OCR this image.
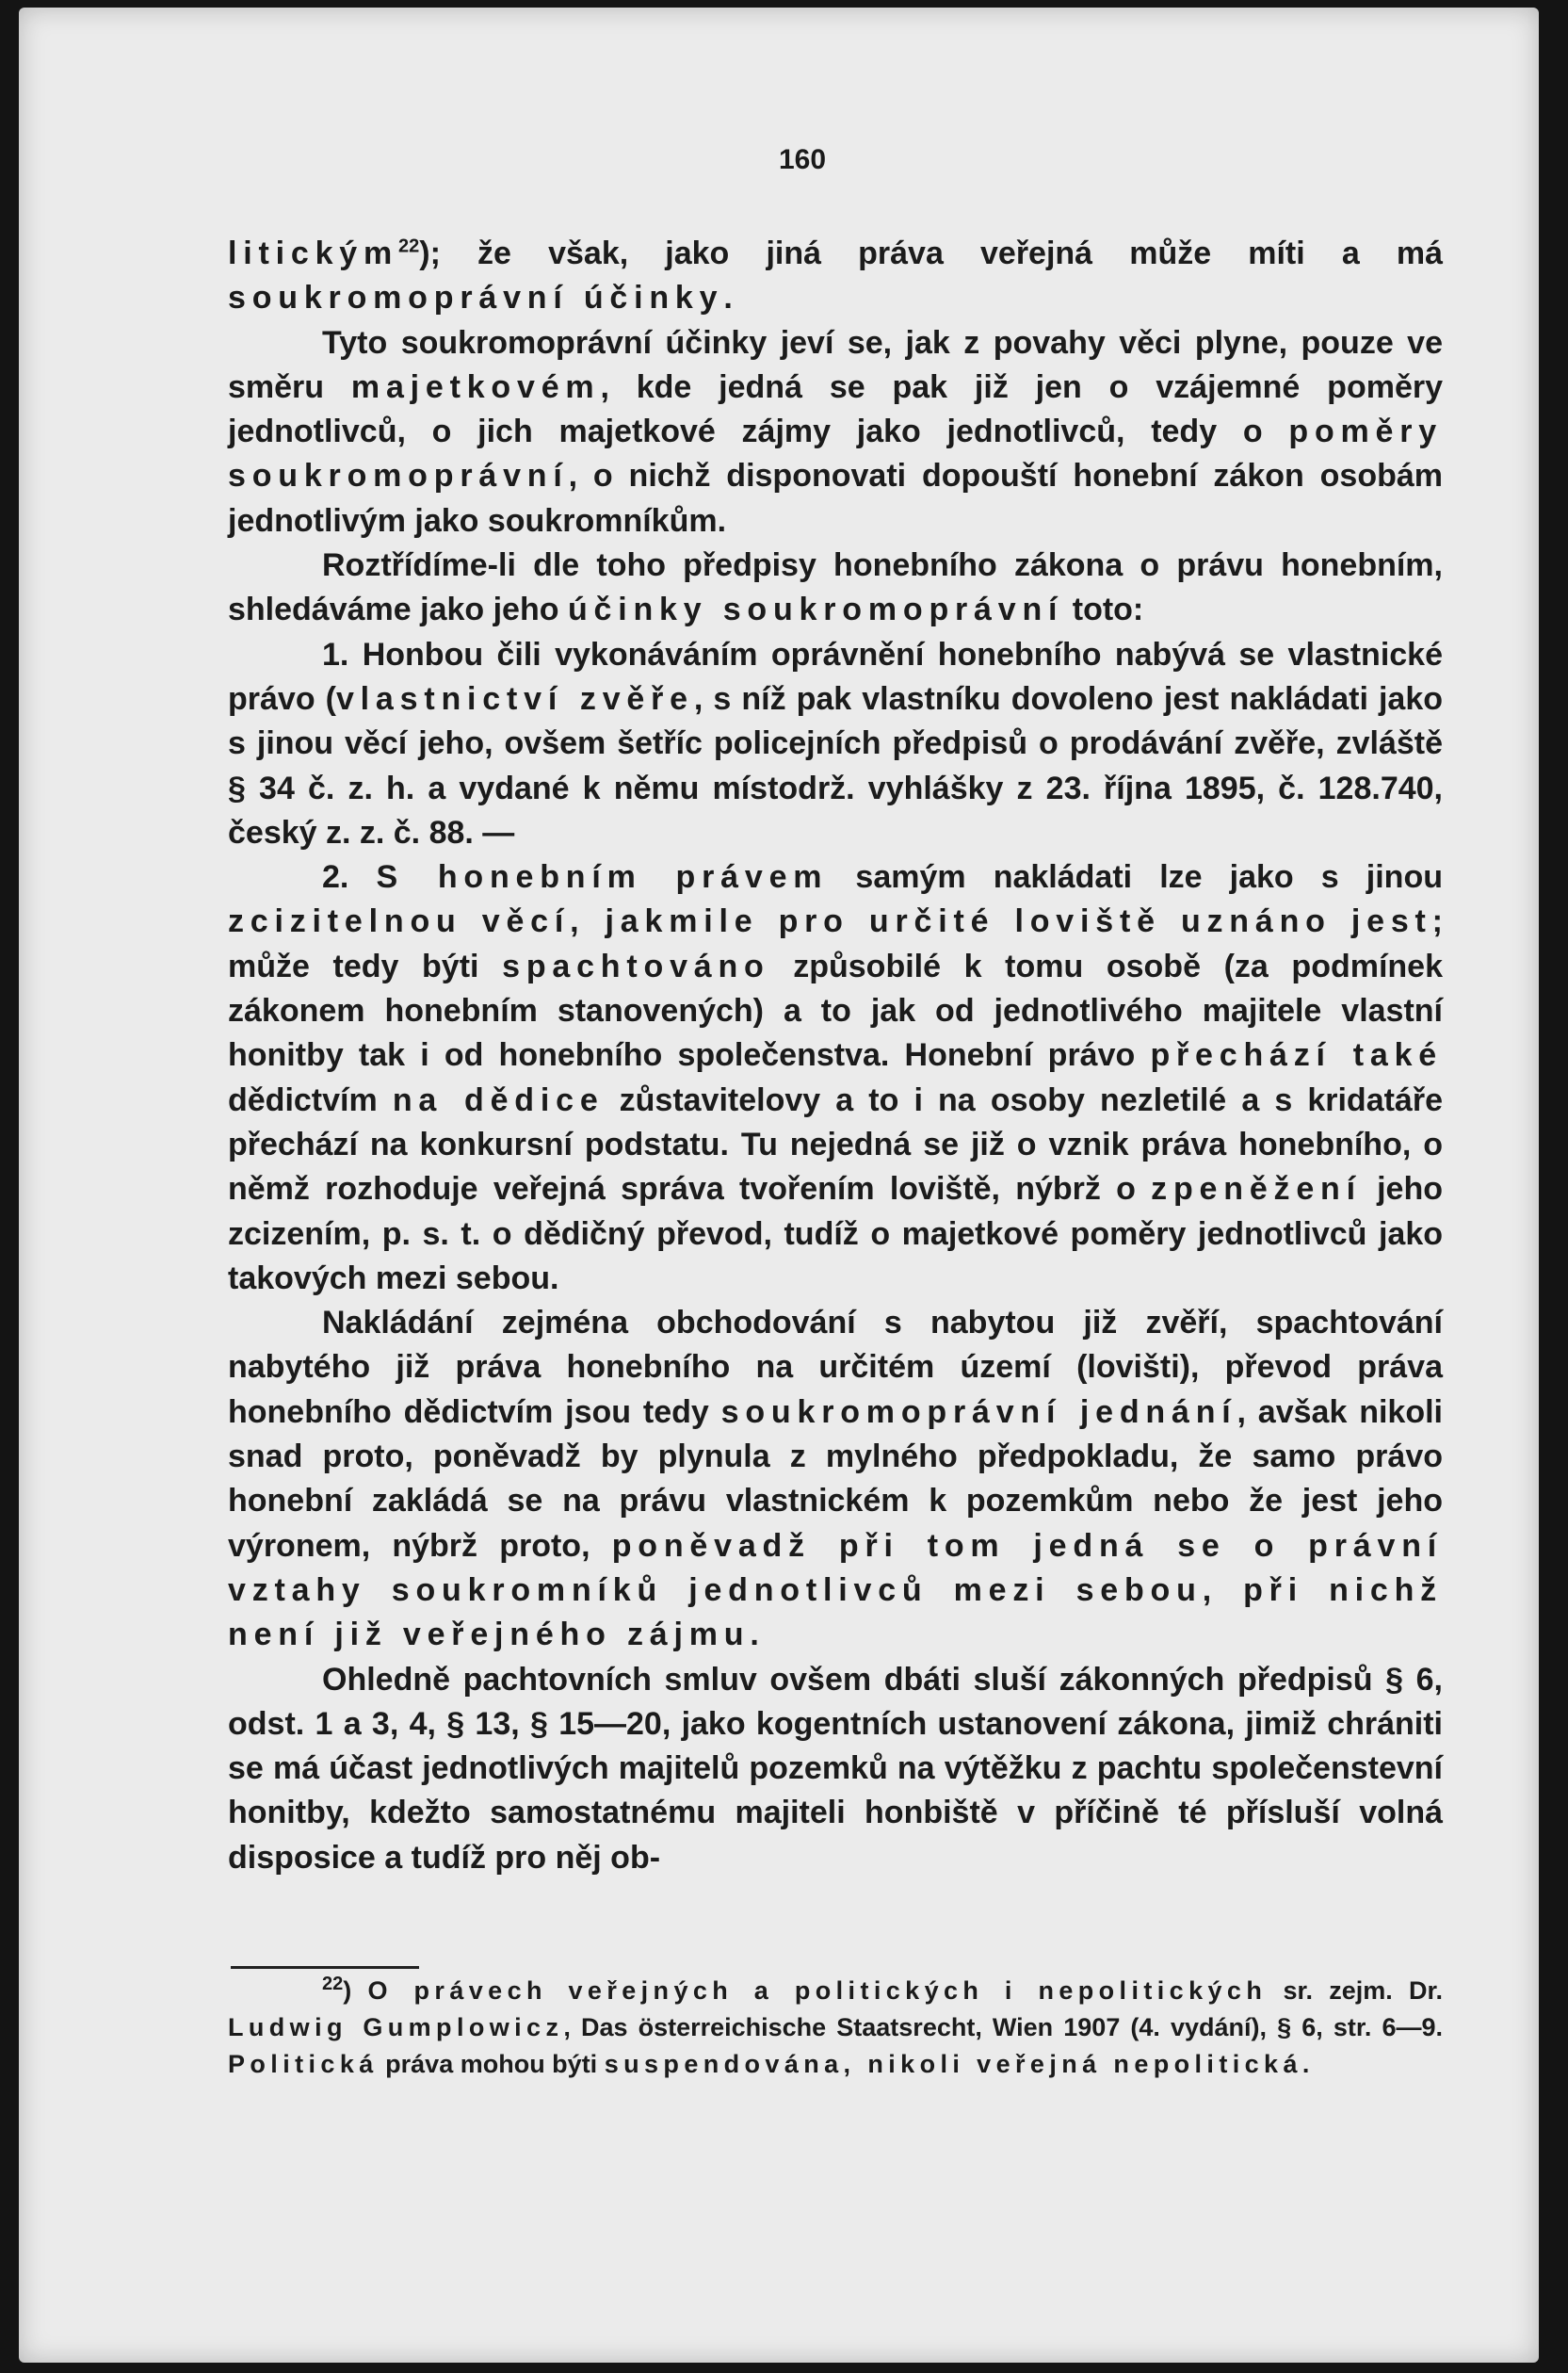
160

litickým$^{22}$); že však, jako jiná práva veřejná může míti a má soukromoprávní účinky.

Tyto soukromoprávní účinky jeví se, jak z povahy věci plyne, pouze ve směru majetkovém, kde jedná se pak již jen o vzájemné poměry jednotlivců, o jich majetkové zájmy jako jednotlivců, tedy o poměry soukromoprávní, o nichž disponovati dopouští honební zákon osobám jednotlivým jako soukromníkům.

Roztřídíme-li dle toho předpisy honebního zákona o právu honebním, shledáváme jako jeho účinky soukromoprávní toto:

1. Honbou čili vykonáváním oprávnění honebního nabývá se vlastnické právo (vlastnictví zvěře, s níž pak vlastníku dovoleno jest nakládati jako s jinou věcí jeho, ovšem šetříc policejních předpisů o prodávání zvěře, zvláště § 34 č. z. h. a vydané k němu místodrž. vyhlášky z 23. října 1895, č. 128.740, český z. z. č. 88. —

2. S honebním právem samým nakládati lze jako s jinou zcizitelnou věcí, jakmile pro určité loviště uznáno jest; může tedy býti spachtováno způsobilé k tomu osobě (za podmínek zákonem honebním stanovených) a to jak od jednotlivého majitele vlastní honitby tak i od honebního společenstva. Honební právo přechází také dědictvím na dědice zůstavitelovy a to i na osoby nezletilé a s kridatáře přechází na konkursní podstatu. Tu nejedná se již o vznik práva honebního, o němž rozhoduje veřejná správa tvořením loviště, nýbrž o zpeněžení jeho zcizením, p. s. t. o dědičný převod, tudíž o majetkové poměry jednotlivců jako takových mezi sebou.

Nakládání zejména obchodování s nabytou již zvěří, spachtování nabytého již práva honebního na určitém území (lovišti), převod práva honebního dědictvím jsou tedy soukromoprávní jednání, avšak nikoli snad proto, poněvadž by plynula z mylného předpokladu, že samo právo honební zakládá se na právu vlastnickém k pozemkům nebo že jest jeho výronem, nýbrž proto, poněvadž při tom jedná se o právní vztahy soukromníků jednotlivců mezi sebou, při nichž není již veřejného zájmu.

Ohledně pachtovních smluv ovšem dbáti sluší zákonných předpisů § 6, odst. 1 a 3, 4, § 13, § 15—20, jako kogentních ustanovení zákona, jimiž chrániti se má účast jednotlivých majitelů pozemků na výtěžku z pachtu společenstevní honitby, kdežto samostatnému majiteli honbiště v příčině té přísluší volná disposice a tudíž pro něj ob-

$^{22}$) O právech veřejných a politických i nepolitických sr. zejm. Dr. Ludwig Gumplowicz, Das österreichische Staatsrecht, Wien 1907 (4. vydání), § 6, str. 6—9. Politická práva mohou býti suspendována, nikoli veřejná nepolitická.
